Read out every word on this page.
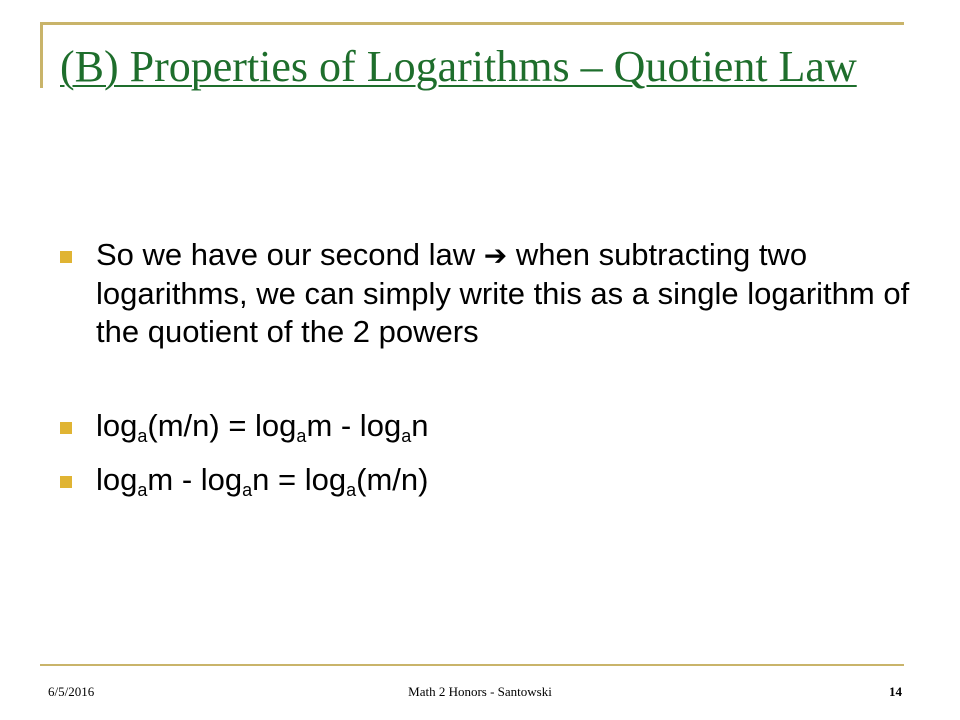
(B) Properties of Logarithms – Quotient Law
So we have our second law ➔ when subtracting two logarithms, we can simply write this as a single logarithm of the quotient of the 2 powers
$\log_a(m/n) = \log_am - \log_an$
$\log_am - \log_an = \log_a(m/n)$
6/5/2016	Math 2 Honors - Santowski	14
